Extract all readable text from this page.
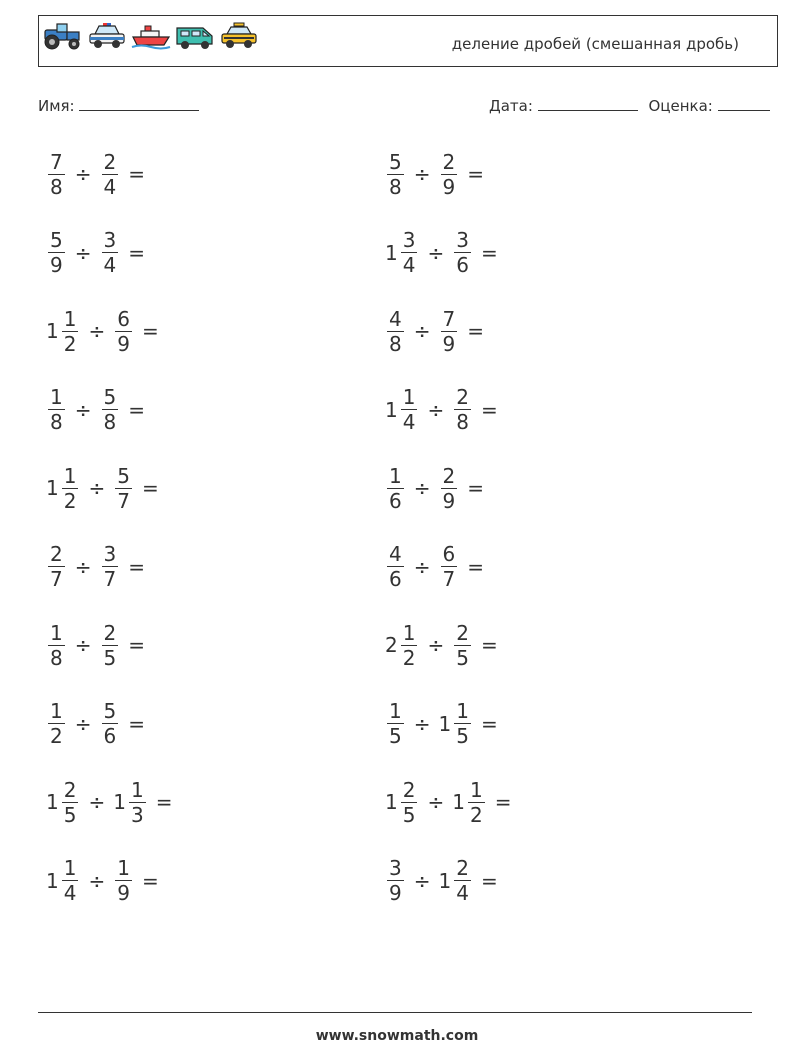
деление дробей (смешанная дробь)
Имя:	Дата:	Оценка:
$\frac{7}{8} \div \frac{2}{4}$ =	$\frac{5}{8} \div \frac{2}{9}$ =
$\frac{5}{9} \div \frac{3}{4}$ =	$1 \frac{3}{4} \div \frac{3}{6}$ =
$1 \frac{1}{2} \div \frac{6}{9}$ =	$\frac{4}{8} \div \frac{7}{9}$ =
$\frac{1}{8} \div \frac{5}{8}$ =	$1 \frac{1}{4} \div \frac{2}{8}$ =
$1 \frac{1}{2} \div \frac{5}{7}$ =	$\frac{1}{6} \div \frac{2}{9}$ =
$\frac{2}{7} \div \frac{3}{7}$ =	$\frac{4}{6} \div \frac{6}{7}$ =
$\frac{1}{8} \div \frac{2}{5}$ =	$2 \frac{1}{2} \div \frac{2}{5}$ =
$\frac{1}{2} \div \frac{5}{6}$ =	$\frac{1}{5} \div 1 \frac{1}{5}$ =
$1 \frac{2}{5} \div 1 \frac{1}{3}$ =	$1 \frac{2}{5} \div 1 \frac{1}{2}$ =
$1 \frac{1}{4} \div \frac{1}{9}$ =	$\frac{3}{9} \div 1 \frac{2}{4}$ =
www.snowmath.com
